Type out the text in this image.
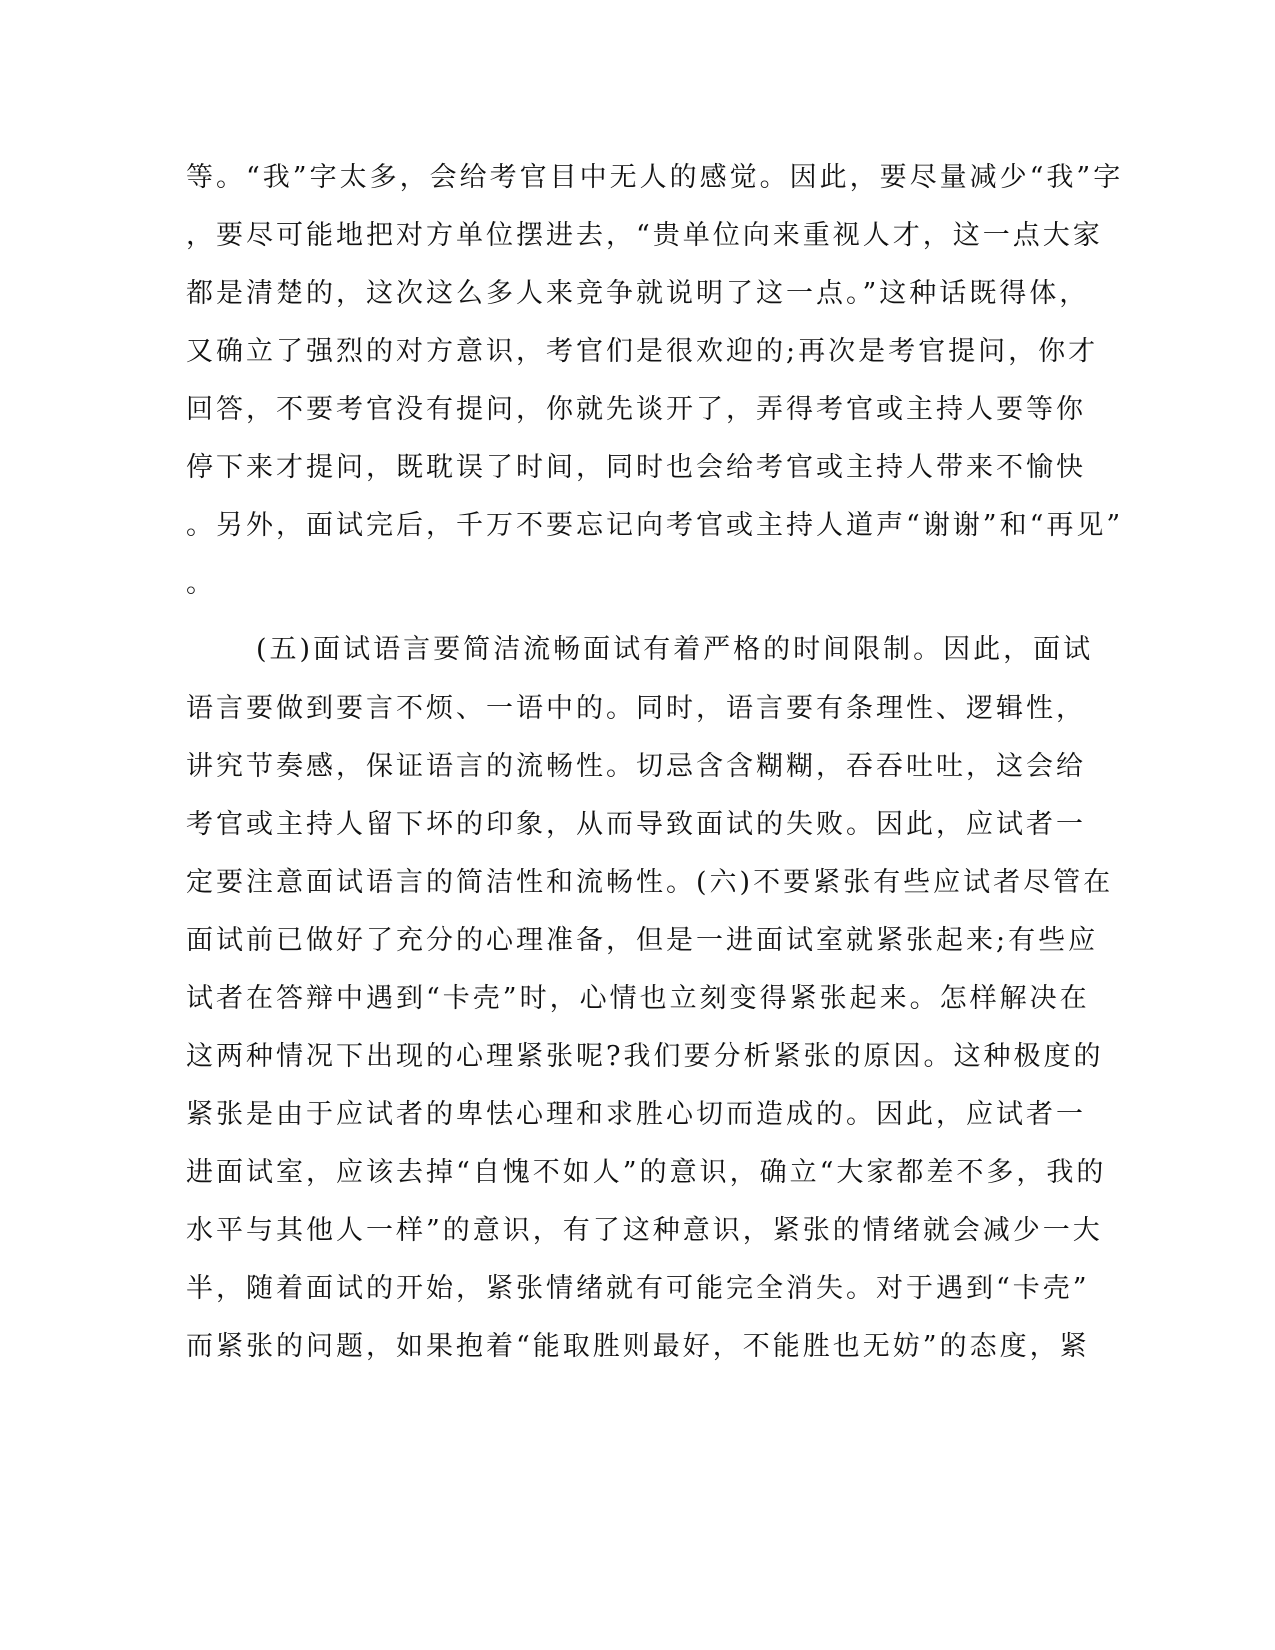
等。“我”字太多，会给考官目中无人的感觉。因此，要尽量减少“我”字
，要尽可能地把对方单位摆进去，“贵单位向来重视人才，这一点大家
都是清楚的，这次这么多人来竞争就说明了这一点。”这种话既得体，
又确立了强烈的对方意识，考官们是很欢迎的;再次是考官提问，你才
回答，不要考官没有提问，你就先谈开了，弄得考官或主持人要等你
停下来才提问，既耽误了时间，同时也会给考官或主持人带来不愉快
。另外，面试完后，千万不要忘记向考官或主持人道声“谢谢”和“再见”
。
(五)面试语言要简洁流畅面试有着严格的时间限制。因此，面试
语言要做到要言不烦、一语中的。同时，语言要有条理性、逻辑性，
讲究节奏感，保证语言的流畅性。切忌含含糊糊，吞吞吐吐，这会给
考官或主持人留下坏的印象，从而导致面试的失败。因此，应试者一
定要注意面试语言的简洁性和流畅性。(六)不要紧张有些应试者尽管在
面试前已做好了充分的心理准备，但是一进面试室就紧张起来;有些应
试者在答辩中遇到“卡壳”时，心情也立刻变得紧张起来。怎样解决在
这两种情况下出现的心理紧张呢?我们要分析紧张的原因。这种极度的
紧张是由于应试者的卑怯心理和求胜心切而造成的。因此，应试者一
进面试室，应该去掉“自愧不如人”的意识，确立“大家都差不多，我的
水平与其他人一样”的意识，有了这种意识，紧张的情绪就会减少一大
半，随着面试的开始，紧张情绪就有可能完全消失。对于遇到“卡壳”
而紧张的问题，如果抱着“能取胜则最好，不能胜也无妨”的态度，紧
